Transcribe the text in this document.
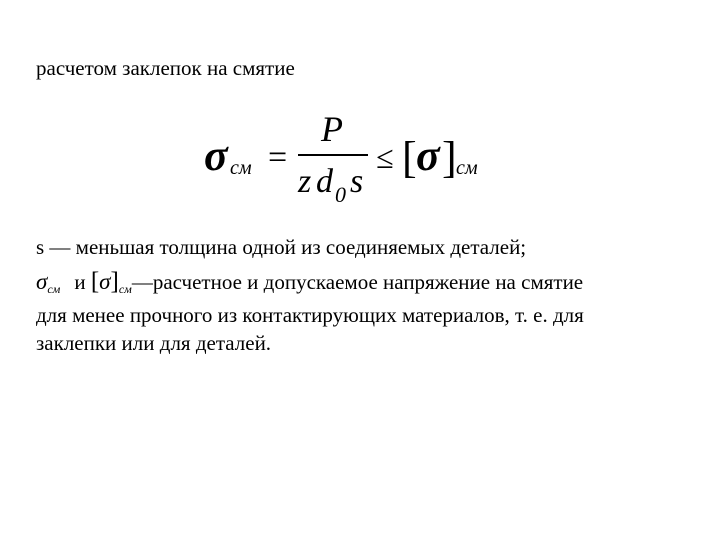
расчетом заклепок на смятие
σ см =
P
z d 0 s
≤ [ σ ] см
s — меньшая толщина одной из соединяемых деталей;
σсм и [σ]см—расчетное и допускаемое напряжение на смятие
для менее прочного из контактирующих материалов, т. е. для
заклепки или для деталей.
